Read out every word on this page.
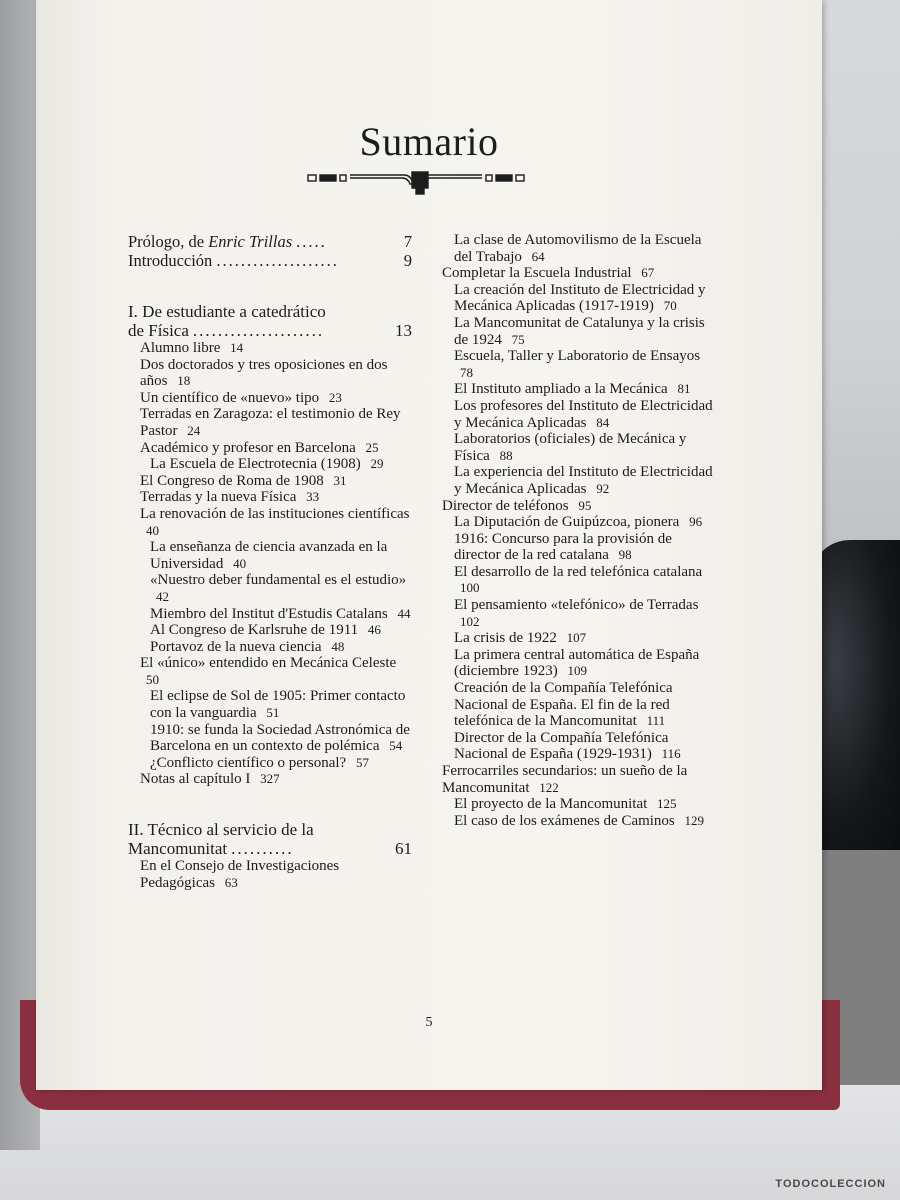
Sumario
Prólogo, de Enric Trillas .....	7
Introducción ....................	9
I. De estudiante a catedrático
de Física .....................	13
Alumno libre 14
Dos doctorados y tres oposiciones en dos años 18
Un científico de «nuevo» tipo 23
Terradas en Zaragoza: el testimonio de Rey Pastor 24
Académico y profesor en Barcelona 25
La Escuela de Electrotecnia (1908) 29
El Congreso de Roma de 1908 31
Terradas y la nueva Física 33
La renovación de las instituciones científicas 40
La enseñanza de ciencia avanzada en la Universidad 40
«Nuestro deber fundamental es el estudio» 42
Miembro del Institut d'Estudis Catalans 44
Al Congreso de Karlsruhe de 1911 46
Portavoz de la nueva ciencia 48
El «único» entendido en Mecánica Celeste 50
El eclipse de Sol de 1905: Primer contacto con la vanguardia 51
1910: se funda la Sociedad Astronómica de Barcelona en un contexto de polémica 54
¿Conflicto científico o personal? 57
Notas al capítulo I 327
II. Técnico al servicio de la
Mancomunitat ..........	61
En el Consejo de Investigaciones Pedagógicas 63
La clase de Automovilismo de la Escuela del Trabajo 64
Completar la Escuela Industrial 67
La creación del Instituto de Electricidad y Mecánica Aplicadas (1917-1919) 70
La Mancomunitat de Catalunya y la crisis de 1924 75
Escuela, Taller y Laboratorio de Ensayos 78
El Instituto ampliado a la Mecánica 81
Los profesores del Instituto de Electricidad y Mecánica Aplicadas 84
Laboratorios (oficiales) de Mecánica y Física 88
La experiencia del Instituto de Electricidad y Mecánica Aplicadas 92
Director de teléfonos 95
La Diputación de Guipúzcoa, pionera 96
1916: Concurso para la provisión de director de la red catalana 98
El desarrollo de la red telefónica catalana 100
El pensamiento «telefónico» de Terradas 102
La crisis de 1922 107
La primera central automática de España (diciembre 1923) 109
Creación de la Compañía Telefónica Nacional de España. El fin de la red telefónica de la Mancomunitat 111
Director de la Compañía Telefónica Nacional de España (1929-1931) 116
Ferrocarriles secundarios: un sueño de la Mancomunitat 122
El proyecto de la Mancomunitat 125
El caso de los exámenes de Caminos 129
5
TODOCOLECCION
